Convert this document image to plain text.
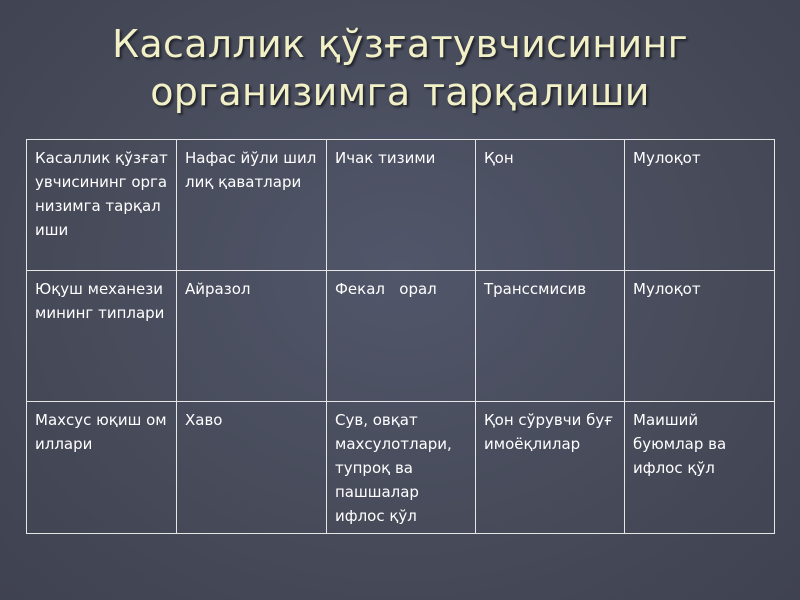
Касаллик қўзғатувчисининг
организимга тарқалиши
Касаллик қўзғатувчисининг организимга тарқалиши	Нафас йўли шиллиқ қаватлари	Ичак тизими	Қон	Мулоқот
Юқуш механезимининг типлари	Айразол	Фекал   орал	Трансcмисив	Мулоқот
Махсус юқиш омиллари	Хаво	Сув, овқат махсулотлари, тупроқ ва пашшалар ифлос қўл	Қон сўрувчи буғимоёқлилар	Маиший буюмлар ва ифлос қўл
